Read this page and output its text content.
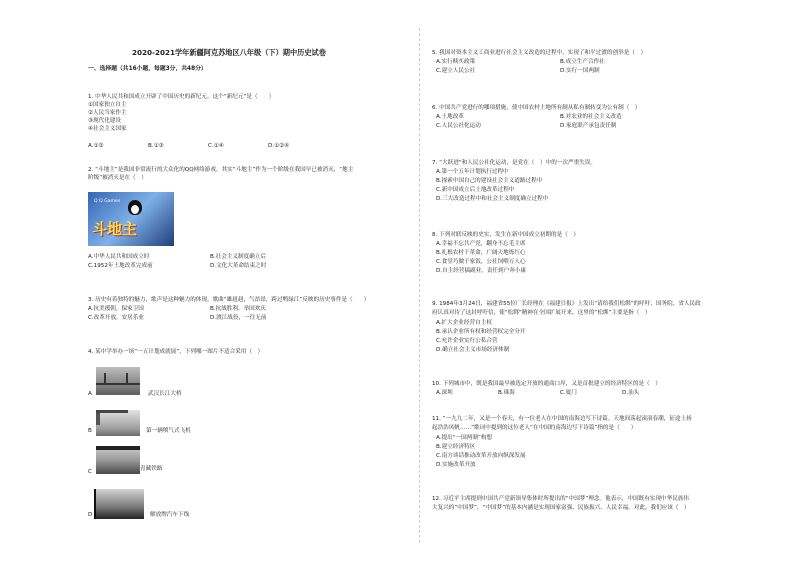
2020-2021学年新疆阿克苏地区八年级（下）期中历史试卷
一、选择题（共16小题，每题3分，共48分）
1. 中华人民共和国成立开辟了中国历史的新纪元。这个“新纪元”是（　　）
①国家独立自主
②人民当家作主
③现代化建设
④社会主义国家
A.①②	B.①③	C.①④	D.①②④
2. “斗地主”是我国非常流行的大众化的QQ网络游戏，其实“斗地主”作为一个阶级在我国早已被消灭，“地主
阶级”被消灭是在（　）
Q Q Games
斗地主
A.中华人民共和国成立时	B.社会主义制度确立后
C.1952年土地改革完成前	D.文化大革命结束之时
3. 历史有着独特的魅力，歌声是这种魅力的体现。歌曲“雄赳赳，气昂昂，跨过鸭绿江”反映的历史事件是（　　）
A.抗美援朝，保家卫国	B.抗战胜利，举国欢庆
C.改革开放，安居乐业	D.渡江战役，一往无前
4. 某中学举办一场“一五计划成就展”，下列哪一图片不适合采用（　）
A	武汉长江大桥
B	第一辆喷气式飞机
C	青藏铁路
D	解放牌汽车下线
5. 我国对资本主义工商业进行社会主义改造的过程中，实现了和平过渡的创举是（　）
A.实行赎买政策	B.成立生产合作社
C.建立人民公社	D.实行一国两制
6. 中国共产党进行的哪项措施，使中国农村土地所有制从私有制转变为公有制（　）
A.土地改革	B.对农业的社会主义改造
C.人民公社化运动	D.家庭联产承包责任制
7. “大跃进”和人民公社化运动，是党在（　）中的一次严重失误。
A.第一个五年计划执行过程中
B.探索中国自己的建设社会主义道路过程中
C.新中国成立后土地改革过程中
D.三大改造过程中和社会主义制度确立过程中
8. 下列对联反映的史实，发生在新中国成立初期的是（　）
A.幸福不忘共产党，翻身不忘毛主席
B.扎根农村干革命，广阔天地炼红心
C.食堂巧做千家饭，公社饲喂万人心
D.自主经营搞副业，责任到户奔小康
9. 1984年3月24日，福建省55位厂长经理在《福建日报》上发出“请给我们松绑”的呼吁，国务院、省人民政
府认真对待了这封呼吁信，使“松绑”精神在全国扩展开来，这里的“松绑”主要是指（　）
A.扩大企业经营自主权
B.承认企业所有权和经营权完全分开
C.允许企业实行公私合营
D.确立社会主义市场经济体制
10. 下列城市中，既是我国最早被选定开放的通商口岸，又是首批建立的经济特区的是（　）
A.深圳	B.珠海	C.厦门	D.汕头
11. “一九九二年，又是一个春天，有一位老人在中国的南海边写下诗篇。天地间荡起滚滚春潮，征途上扬
起浩浩风帆……”歌词中提到的这位老人“在中国的南海边写下诗篇”指的是（　　）
A.提出“一国两制”构想
B.建立经济特区
C.南方谈话推动改革开放向纵深发展
D.实施改革开放
12. 习近平主席提到中国共产党新领导集体时所提出的“中国梦”理念。他表示，中国既有实现中华民族伟
大复兴的“中国梦”，“中国梦”的基本内涵是实现国家富强、民族振兴、人民幸福。对此，我们应该（　）
